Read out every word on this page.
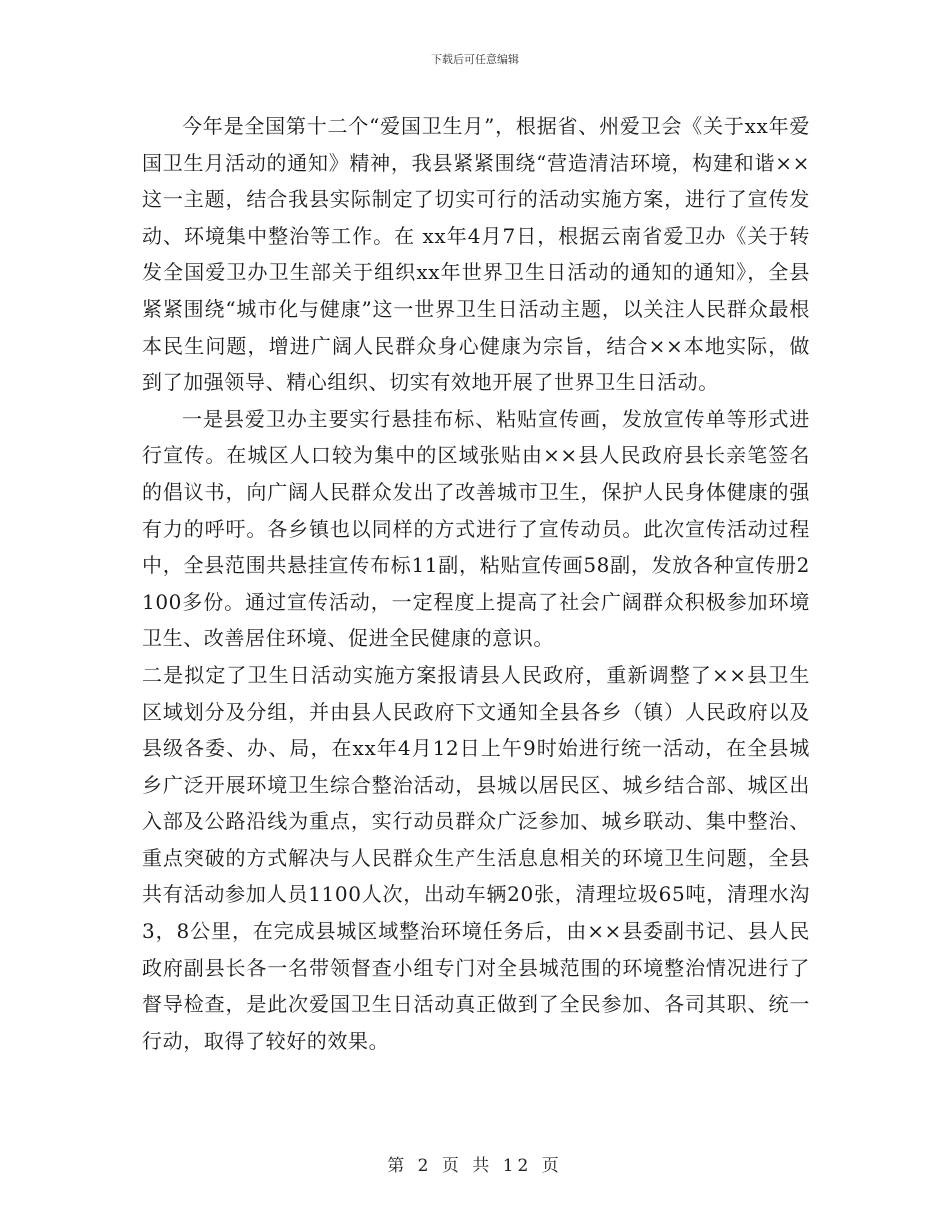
下载后可任意编辑

今年是全国第十二个“爱国卫生月”，根据省、州爱卫会《关于xx年爱国卫生月活动的通知》精神，我县紧紧围绕“营造清洁环境，构建和谐××这一主题，结合我县实际制定了切实可行的活动实施方案，进行了宣传发动、环境集中整治等工作。在 xx年4月7日，根据云南省爱卫办《关于转发全国爱卫办卫生部关于组织xx年世界卫生日活动的通知的通知》，全县紧紧围绕“城市化与健康”这一世界卫生日活动主题，以关注人民群众最根本民生问题，增进广阔人民群众身心健康为宗旨，结合××本地实际，做到了加强领导、精心组织、切实有效地开展了世界卫生日活动。

一是县爱卫办主要实行悬挂布标、粘贴宣传画，发放宣传单等形式进行宣传。在城区人口较为集中的区域张贴由××县人民政府县长亲笔签名的倡议书，向广阔人民群众发出了改善城市卫生，保护人民身体健康的强有力的呼吁。各乡镇也以同样的方式进行了宣传动员。此次宣传活动过程中，全县范围共悬挂宣传布标11副，粘贴宣传画58副，发放各种宣传册2100多份。通过宣传活动，一定程度上提高了社会广阔群众积极参加环境卫生、改善居住环境、促进全民健康的意识。

二是拟定了卫生日活动实施方案报请县人民政府，重新调整了××县卫生区域划分及分组，并由县人民政府下文通知全县各乡（镇）人民政府以及县级各委、办、局，在xx年4月12日上午9时始进行统一活动，在全县城乡广泛开展环境卫生综合整治活动，县城以居民区、城乡结合部、城区出入部及公路沿线为重点，实行动员群众广泛参加、城乡联动、集中整治、重点突破的方式解决与人民群众生产生活息息相关的环境卫生问题，全县共有活动参加人员1100人次，出动车辆20张，清理垃圾65吨，清理水沟3，8公里，在完成县城区域整治环境任务后，由××县委副书记、县人民政府副县长各一名带领督查小组专门对全县城范围的环境整治情况进行了督导检查，是此次爱国卫生日活动真正做到了全民参加、各司其职、统一行动，取得了较好的效果。

第 2 页 共 12 页
